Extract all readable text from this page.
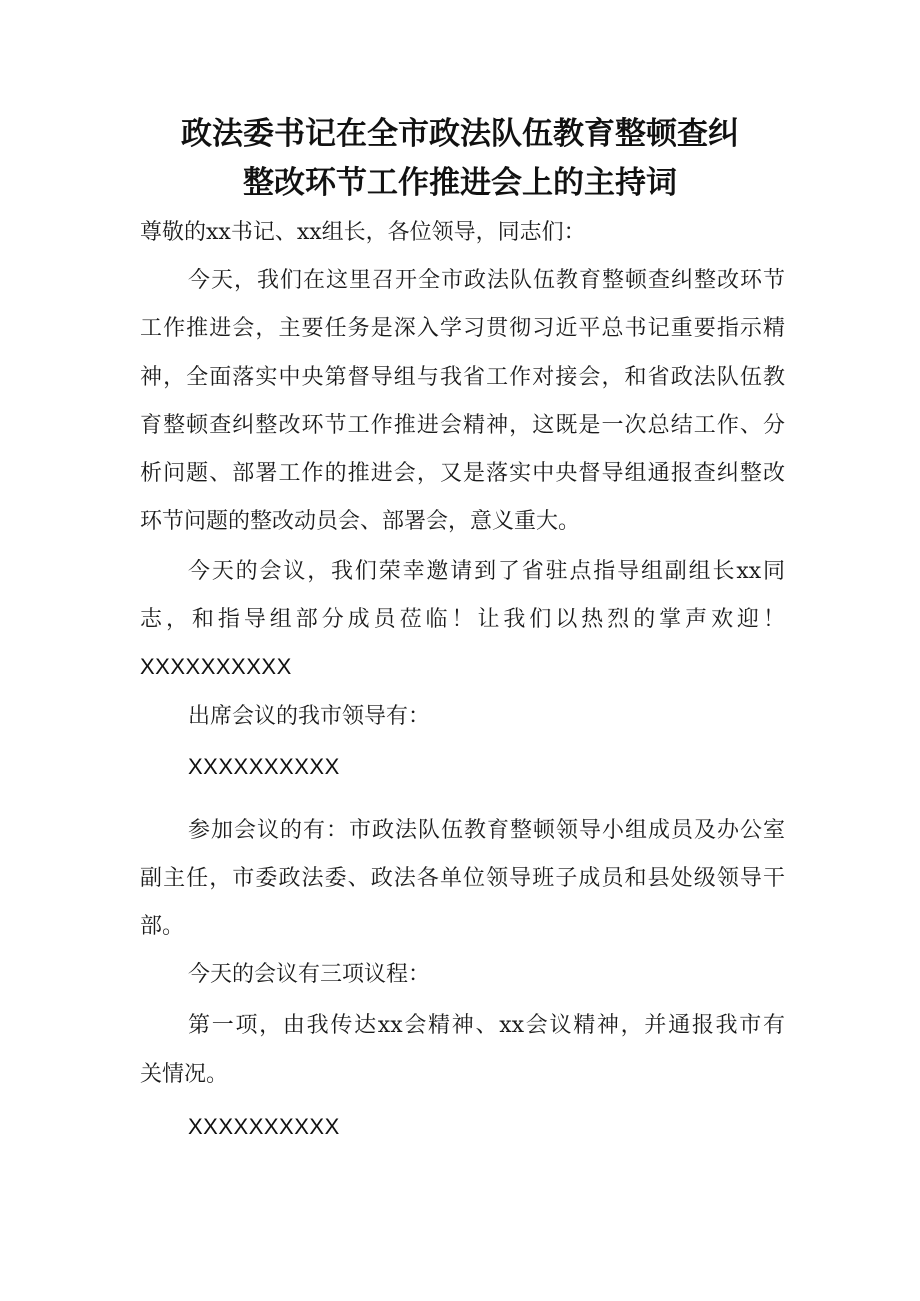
政法委书记在全市政法队伍教育整顿查纠
整改环节工作推进会上的主持词

尊敬的xx书记、xx组长，各位领导，同志们：

今天，我们在这里召开全市政法队伍教育整顿查纠整改环节

工作推进会，主要任务是深入学习贯彻习近平总书记重要指示精

神，全面落实中央第督导组与我省工作对接会，和省政法队伍教

育整顿查纠整改环节工作推进会精神，这既是一次总结工作、分

析问题、部署工作的推进会，又是落实中央督导组通报查纠整改

环节问题的整改动员会、部署会，意义重大。

今天的会议，我们荣幸邀请到了省驻点指导组副组长xx同

志，和指导组部分成员莅临！让我们以热烈的掌声欢迎！

XXXXXXXXXX

出席会议的我市领导有：

XXXXXXXXXX

参加会议的有：市政法队伍教育整顿领导小组成员及办公室

副主任，市委政法委、政法各单位领导班子成员和县处级领导干

部。

今天的会议有三项议程：

第一项，由我传达xx会精神、xx会议精神，并通报我市有

关情况。

XXXXXXXXXX
